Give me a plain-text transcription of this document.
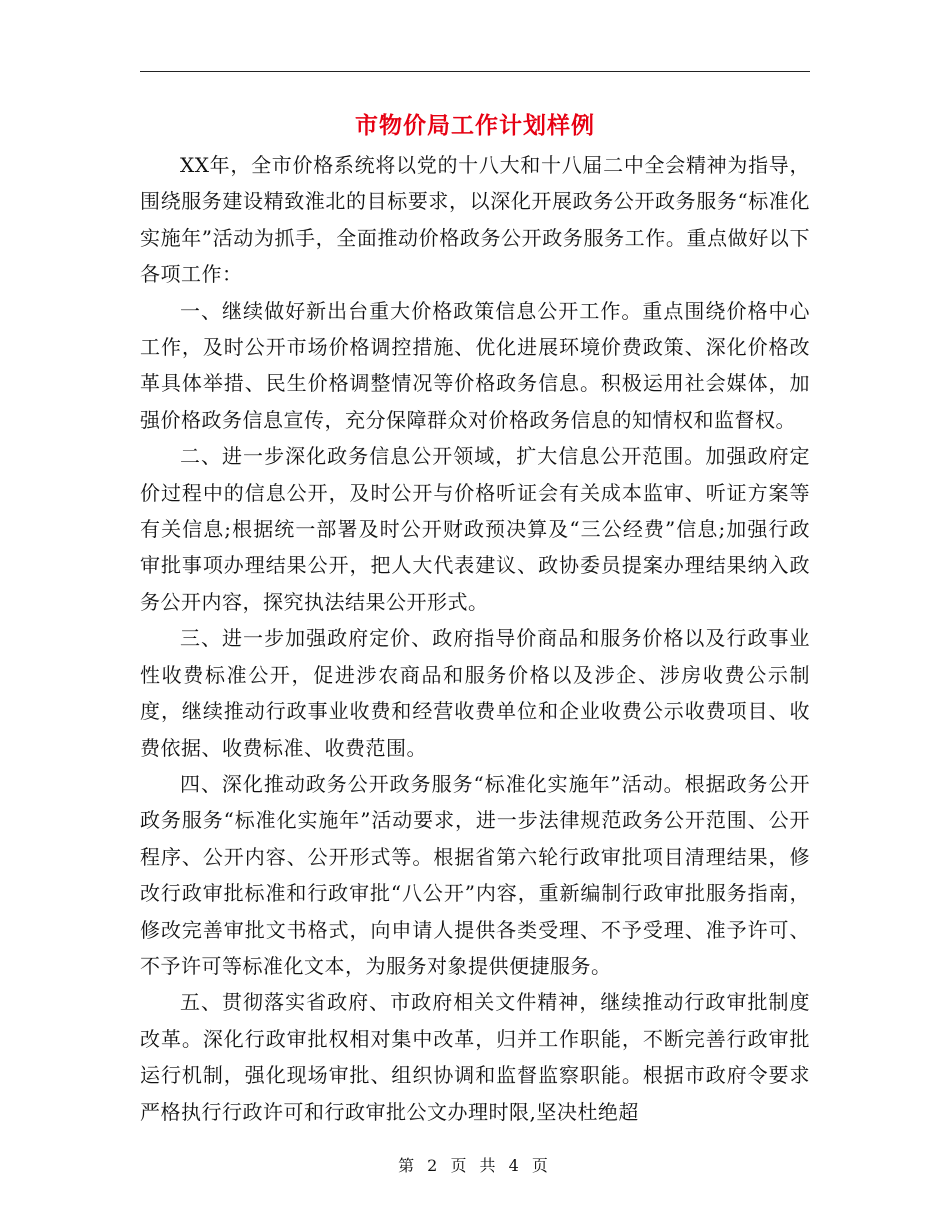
市物价局工作计划样例

XX年，全市价格系统将以党的十八大和十八届二中全会精神为指导，围绕服务建设精致淮北的目标要求，以深化开展政务公开政务服务“标准化实施年”活动为抓手，全面推动价格政务公开政务服务工作。重点做好以下各项工作：

一、继续做好新出台重大价格政策信息公开工作。重点围绕价格中心工作，及时公开市场价格调控措施、优化进展环境价费政策、深化价格改革具体举措、民生价格调整情况等价格政务信息。积极运用社会媒体，加强价格政务信息宣传，充分保障群众对价格政务信息的知情权和监督权。

二、进一步深化政务信息公开领域，扩大信息公开范围。加强政府定价过程中的信息公开，及时公开与价格听证会有关成本监审、听证方案等有关信息;根据统一部署及时公开财政预决算及“三公经费”信息;加强行政审批事项办理结果公开，把人大代表建议、政协委员提案办理结果纳入政务公开内容，探究执法结果公开形式。

三、进一步加强政府定价、政府指导价商品和服务价格以及行政事业性收费标准公开，促进涉农商品和服务价格以及涉企、涉房收费公示制度，继续推动行政事业收费和经营收费单位和企业收费公示收费项目、收费依据、收费标准、收费范围。

四、深化推动政务公开政务服务“标准化实施年”活动。根据政务公开政务服务“标准化实施年”活动要求，进一步法律规范政务公开范围、公开程序、公开内容、公开形式等。根据省第六轮行政审批项目清理结果，修改行政审批标准和行政审批“八公开”内容，重新编制行政审批服务指南，修改完善审批文书格式，向申请人提供各类受理、不予受理、准予许可、不予许可等标准化文本，为服务对象提供便捷服务。

五、贯彻落实省政府、市政府相关文件精神，继续推动行政审批制度改革。深化行政审批权相对集中改革，归并工作职能，不断完善行政审批运行机制，强化现场审批、组织协调和监督监察职能。根据市政府令要求严格执行行政许可和行政审批公文办理时限,坚决杜绝超

第 2 页 共 4 页
